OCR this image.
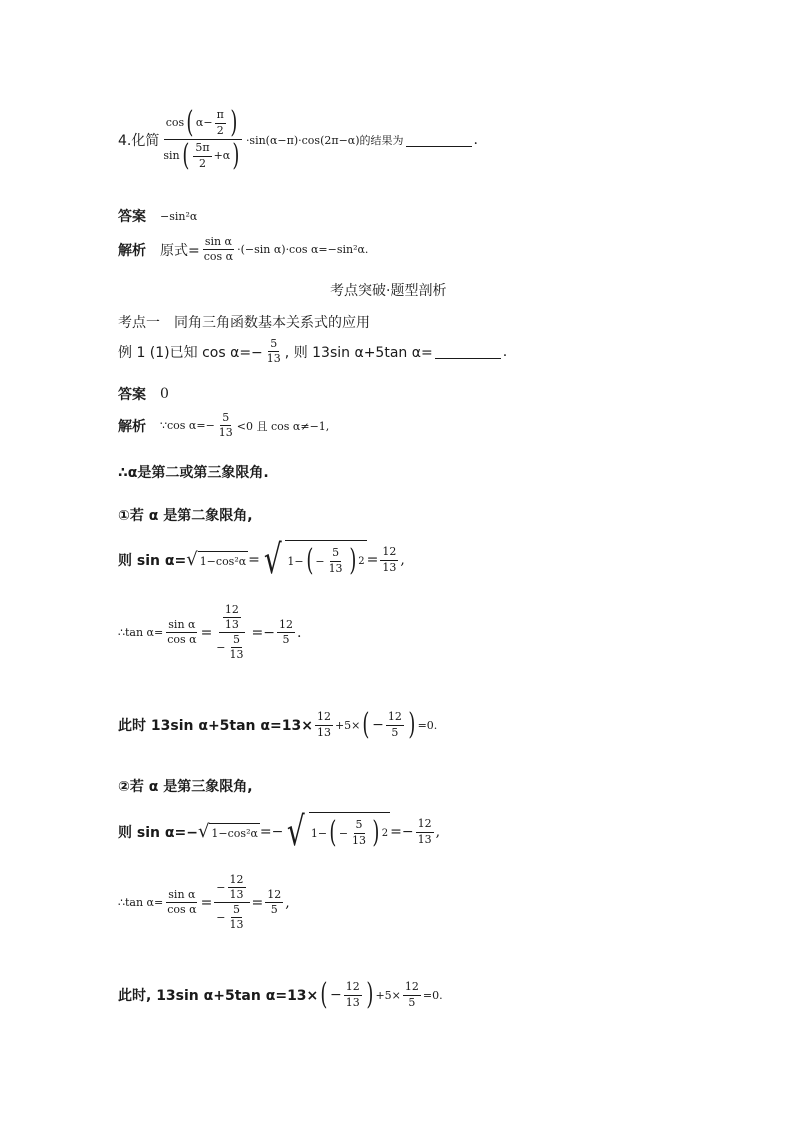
4.化简 $\frac{\cos ( \alpha- \frac{\pi}{2} )}{\sin ( \frac{5\pi}{2} +\alpha )} \cdot\sin(\alpha-\pi)\cdot\cos(2\pi-\alpha)$的结果为	.
答案 −sin²α
解析 原式= $\frac{\text{sin α}}{\text{cos α}} \cdot(-\sin$ α)·cos α=−sin²α.
考点突破·题型剖析
考点一　同角三角函数基本关系式的应用
例 1 (1)已知 $\cos \alpha=- \frac{5}{13}$ , 则 13sin α+5tan α=	.
答案 0
解析 ∵cos $\alpha=- \frac{5}{13} <0$ 且 cos α≠−1,
∴α是第二或第三象限角.
①若 α 是第二象限角,
则 sin α= √ 1−cos²α = √ 1− ( − $\frac{5}{13}$ ) $2 = \frac{12}{13}$ ,
∴tan $\alpha= \frac{\text{sin α}}{\text{cos α}} = \frac{\frac{12}{13}}{- \frac{5}{13}}$ = − $\frac{12}{5}$ .
此时 13sin α+5tan $\alpha=13\times \frac{12}{13} +5\times$ ( − $\frac{12}{5}$ ) =0.
②若 α 是第三象限角,
则 sin α=− √ 1−cos²α =− √ 1− ( − $\frac{5}{13}$ ) $2 =- \frac{12}{13}$ ,
∴tan $\alpha= \frac{\text{sin α}}{\text{cos α}} = \frac{- \frac{12}{13}}{- \frac{5}{13}} = \frac{12}{5}$ ,
此时, 13sin α+5tan α=13× ( − $\frac{12}{13}$ ) $+5\times \frac{12}{5} =0$.
